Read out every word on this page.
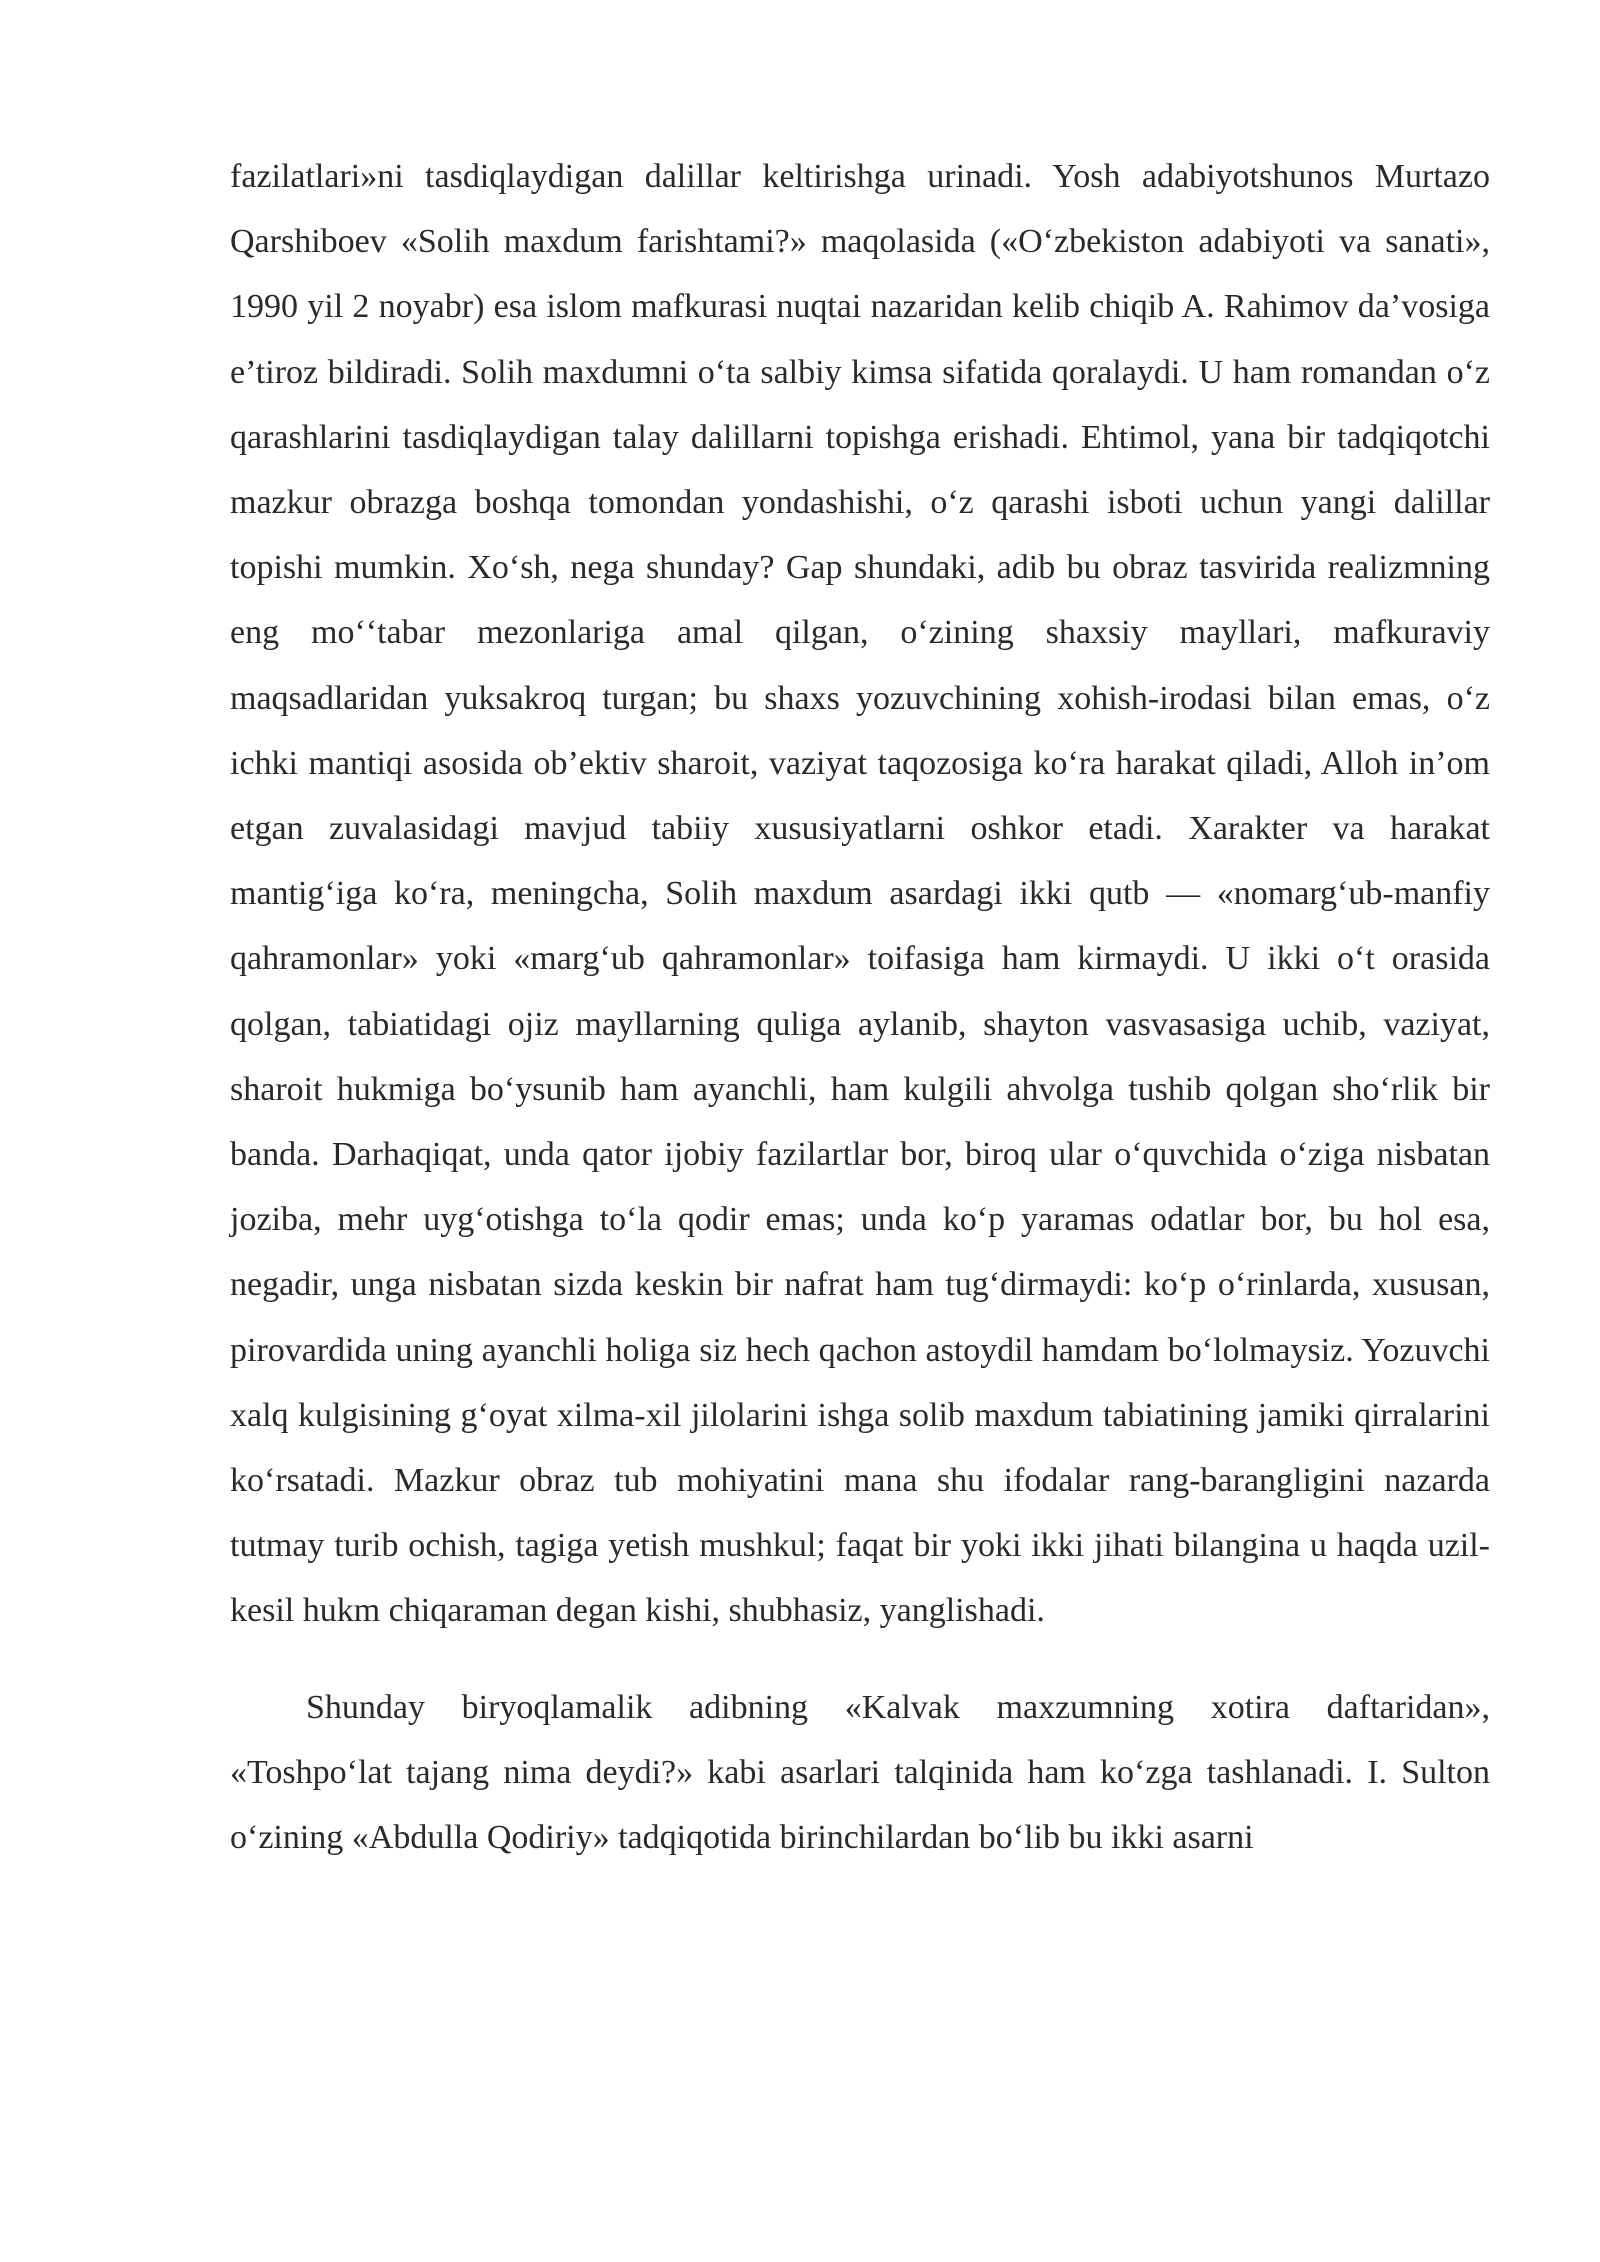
fazilatlari»ni tasdiqlaydigan dalillar keltirishga urinadi. Yosh adabiyotshunos Murtazo Qarshiboev «Solih maxdum farishtami?» maqolasida («Oʻzbekiston adabiyoti va sanati», 1990 yil 2 noyabr) esa islom mafkurasi nuqtai nazaridan kelib chiqib A. Rahimov da’vosiga e’tiroz bildiradi. Solih maxdumni oʻta salbiy kimsa sifatida qoralaydi. U ham romandan oʻz qarashlarini tasdiqlaydigan talay dalillarni topishga erishadi. Ehtimol, yana bir tadqiqotchi mazkur obrazga boshqa tomondan yondashishi, oʻz qarashi isboti uchun yangi dalillar topishi mumkin. Xoʻsh, nega shunday? Gap shundaki, adib bu obraz tasvirida realizmning eng moʻʻtabar mezonlariga amal qilgan, oʻzining shaxsiy mayllari, mafkuraviy maqsadlaridan yuksakroq turgan; bu shaxs yozuvchining xohish-irodasi bilan emas, oʻz ichki mantiqi asosida ob’ektiv sharoit, vaziyat taqozosiga koʻra harakat qiladi, Alloh in’om etgan zuvalasidagi mavjud tabiiy xususiyatlarni oshkor etadi. Xarakter va harakat mantigʻiga koʻra, meningcha, Solih maxdum asardagi ikki qutb — «nomargʻub-manfiy qahramonlar» yoki «margʻub qahramonlar» toifasiga ham kirmaydi. U ikki oʻt orasida qolgan, tabiatidagi ojiz mayllarning quliga aylanib, shayton vasvasasiga uchib, vaziyat, sharoit hukmiga boʻysunib ham ayanchli, ham kulgili ahvolga tushib qolgan shoʻrlik bir banda. Darhaqiqat, unda qator ijobiy fazilartlar bor, biroq ular oʻquvchida oʻziga nisbatan joziba, mehr uygʻotishga toʻla qodir emas; unda koʻp yaramas odatlar bor, bu hol esa, negadir, unga nisbatan sizda keskin bir nafrat ham tugʻdirmaydi: koʻp oʻrinlarda, xususan, pirovardida uning ayanchli holiga siz hech qachon astoydil hamdam boʻlolmaysiz. Yozuvchi xalq kulgisining gʻoyat xilma-xil jilolarini ishga solib maxdum tabiatining jamiki qirralarini koʻrsatadi. Mazkur obraz tub mohiyatini mana shu ifodalar rang-barangligini nazarda tutmay turib ochish, tagiga yetish mushkul; faqat bir yoki ikki jihati bilangina u haqda uzil-kesil hukm chiqaraman degan kishi, shubhasiz, yanglishadi.

Shunday biryoqlamalik adibning «Kalvak maxzumning xotira daftaridan», «Toshpoʻlat tajang nima deydi?» kabi asarlari talqinida ham koʻzga tashlanadi. I. Sulton oʻzining «Abdulla Qodiriy» tadqiqotida birinchilardan boʻlib bu ikki asarni
